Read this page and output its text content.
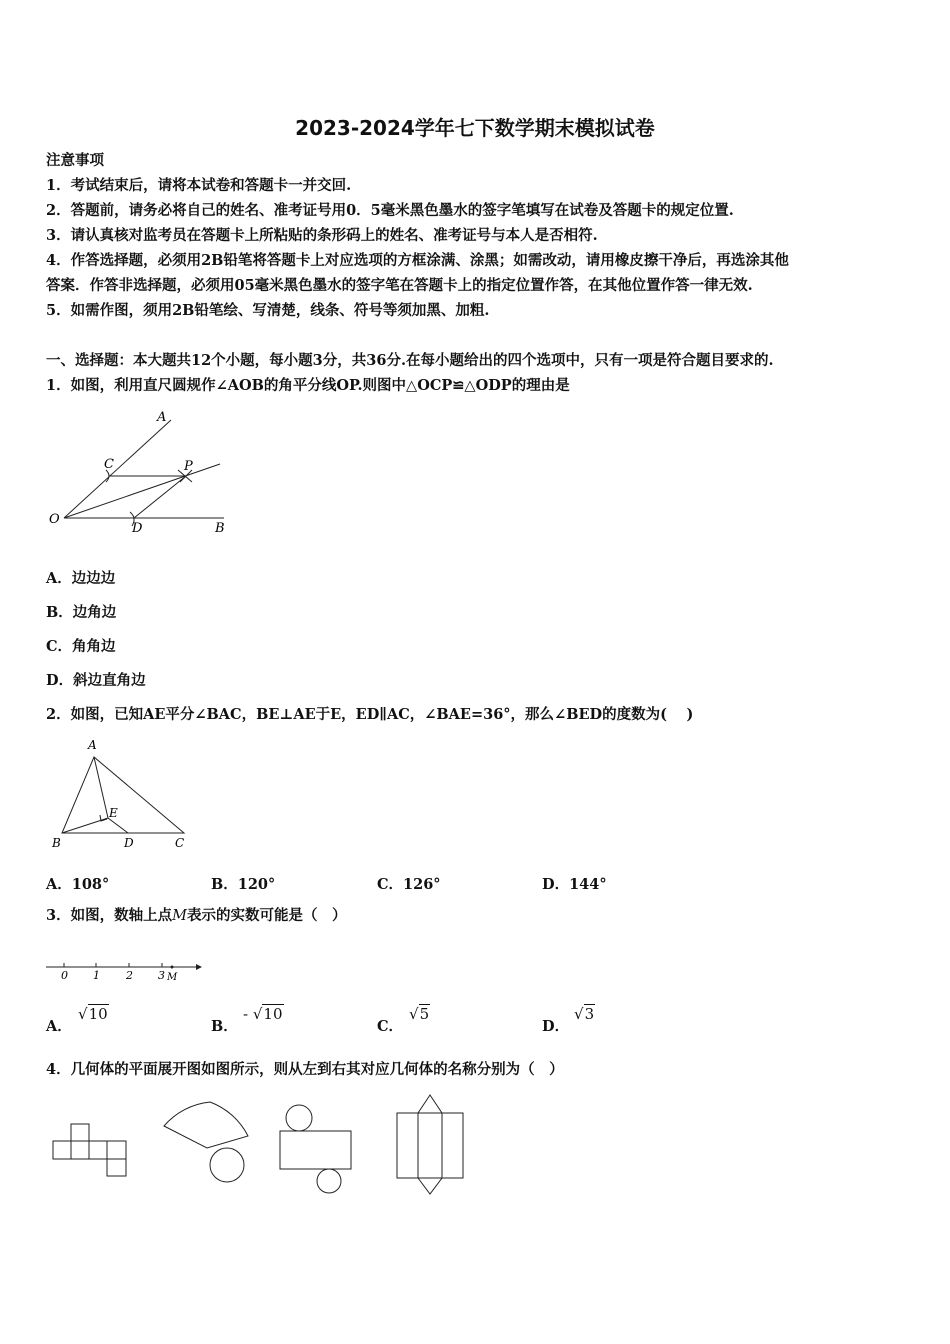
2023-2024学年七下数学期末模拟试卷
注意事项
1．考试结束后，请将本试卷和答题卡一并交回.
2．答题前，请务必将自己的姓名、准考证号用0．5毫米黑色墨水的签字笔填写在试卷及答题卡的规定位置.
3．请认真核对监考员在答题卡上所粘贴的条形码上的姓名、准考证号与本人是否相符.
4．作答选择题，必须用2B铅笔将答题卡上对应选项的方框涂满、涂黑；如需改动，请用橡皮擦干净后，再选涂其他
答案．作答非选择题，必须用05毫米黑色墨水的签字笔在答题卡上的指定位置作答，在其他位置作答一律无效.
5．如需作图，须用2B铅笔绘、写清楚，线条、符号等须加黑、加粗.
一、选择题：本大题共12个小题，每小题3分，共36分.在每小题给出的四个选项中，只有一项是符合题目要求的.
1．如图，利用直尺圆规作∠AOB的角平分线OP.则图中△OCP≌△ODP的理由是
A
C	P
O
D	B
A．边边边
B．边角边
C．角角边
D．斜边直角边
2．如图，已知AE平分∠BAC，BE⊥AE于E，ED∥AC，∠BAE=36°，那么∠BED的度数为(　 )
A
E
B	D	C
A．108°	B．120°	C．126°	D．144°
3．如图，数轴上点M表示的实数可能是（　）
0 1 2 3 M
A．
√10
B．
- √10
C．
√5
D．
√3
4．几何体的平面展开图如图所示，则从左到右其对应几何体的名称分别为（　）
